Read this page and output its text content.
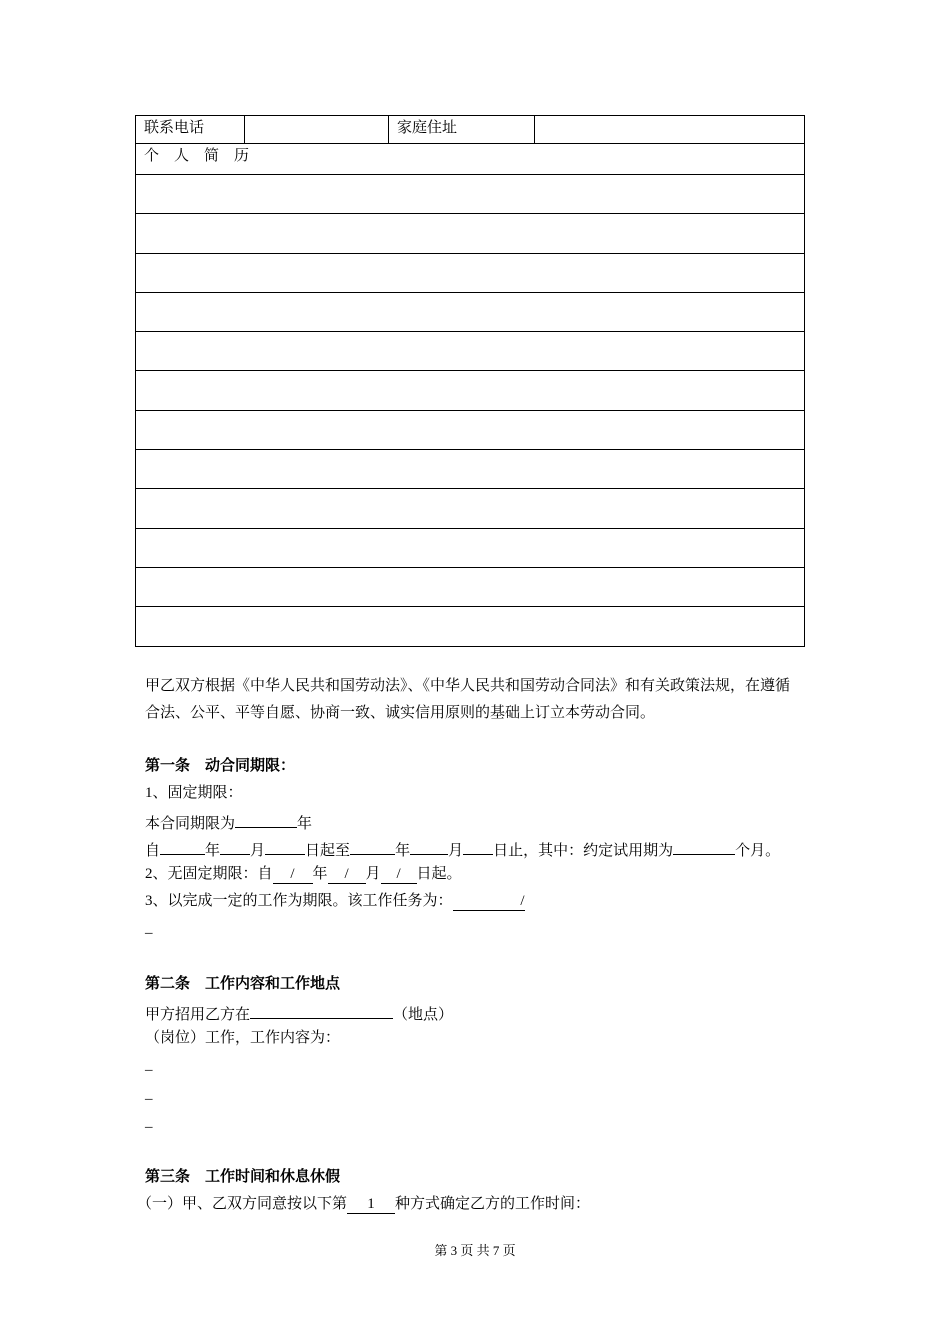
联系电话		家庭住址	
个　人　简　历

甲乙双方根据《中华人民共和国劳动法》、《中华人民共和国劳动合同法》和有关政策法规，在遵循
合法、公平、平等自愿、协商一致、诚实信用原则的基础上订立本劳动合同。
第一条　动合同期限：
1、固定期限：
本合同期限为	年
自	年 月	日起至	年	月 日止，其中：约定试用期为	个月。
2、无固定期限：自 / 年 / 月 / 日起。
3、以完成一定的工作为期限。该工作任务为：	/
–
第二条　工作内容和工作地点
甲方招用乙方在	（地点）
（岗位）工作，工作内容为：
–
–
–
第三条　工作时间和休息休假
（一）甲、乙双方同意按以下第 1 种方式确定乙方的工作时间：
第 3 页 共 7 页
